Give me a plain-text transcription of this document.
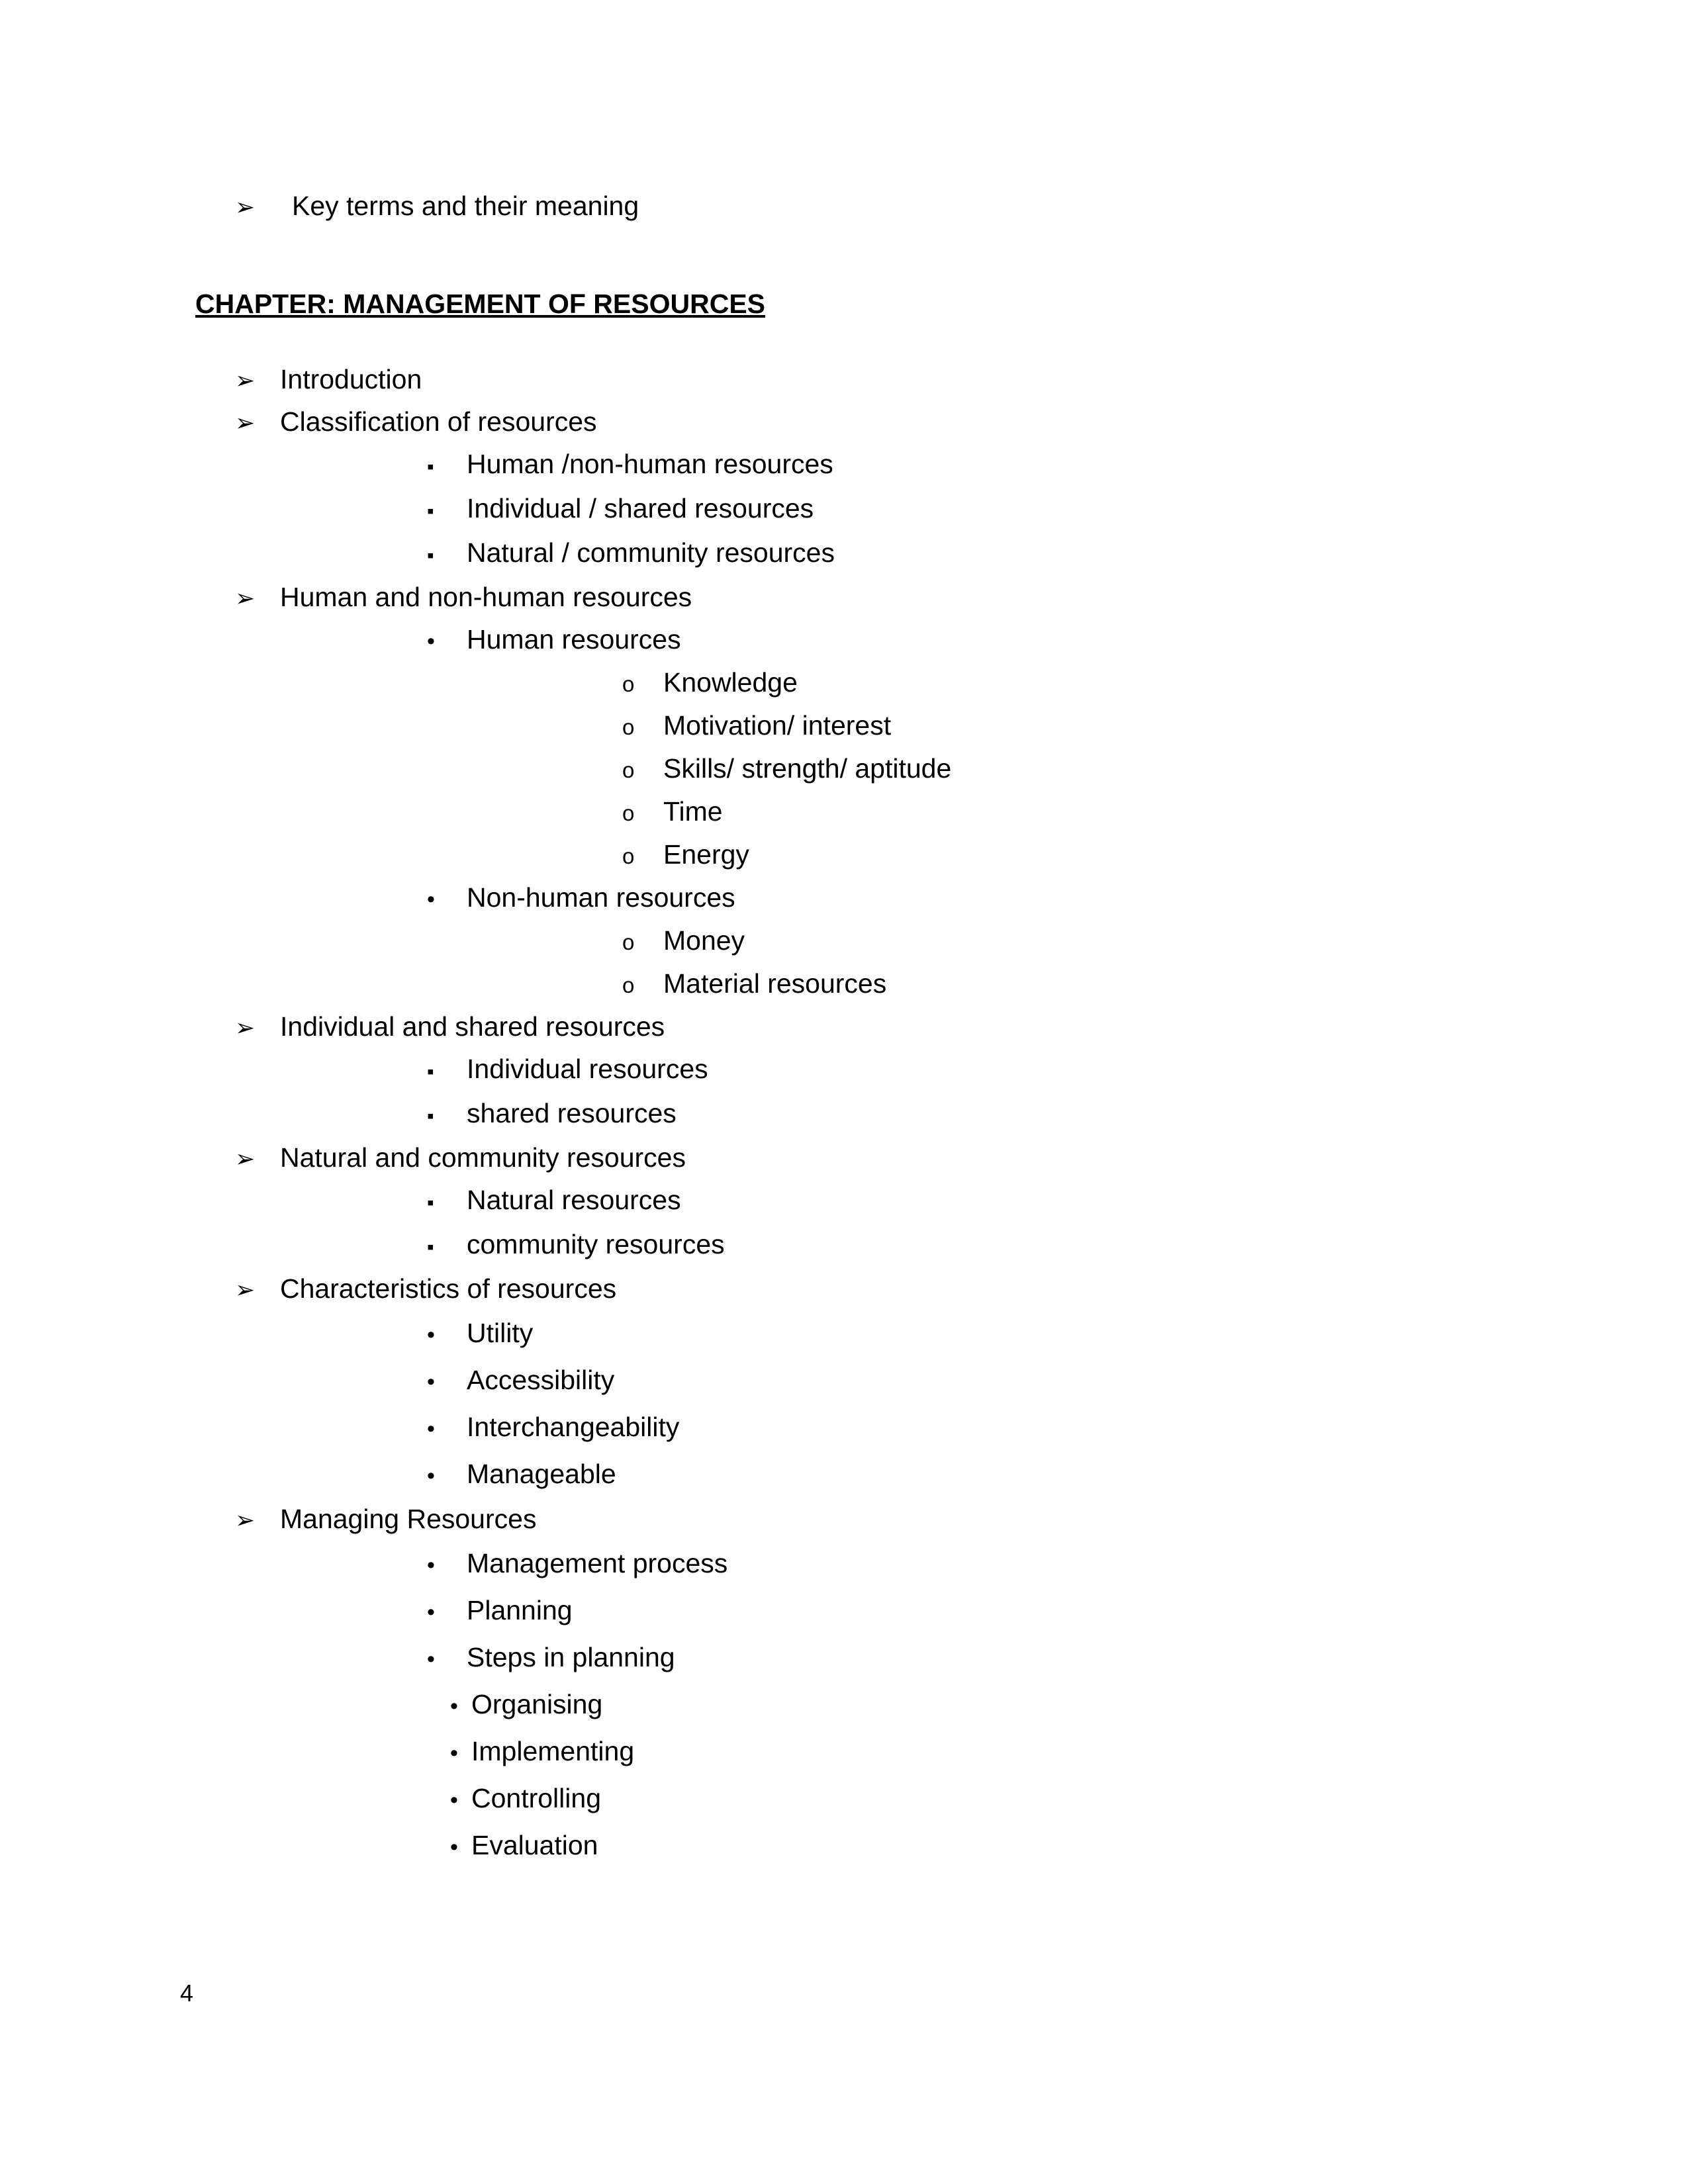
➢	Key terms and their meaning
CHAPTER: MANAGEMENT OF RESOURCES
➢ Introduction
➢ Classification of resources
▪	Human /non-human resources
▪	Individual / shared resources
▪	Natural / community resources
➢ Human and non-human resources
•	Human resources
o	Knowledge
o	Motivation/ interest
o	Skills/ strength/ aptitude
o	Time
o	Energy
•	Non-human resources
o	Money
o	Material resources
➢ Individual and shared resources
▪	Individual resources
▪	shared resources
➢ Natural and community resources
▪	Natural resources
▪	community resources
➢ Characteristics of resources
•	Utility
•	Accessibility
•	Interchangeability
•	Manageable
➢ Managing Resources
•	Management process
•	Planning
•	Steps in planning
• Organising
• Implementing
• Controlling
• Evaluation
4
